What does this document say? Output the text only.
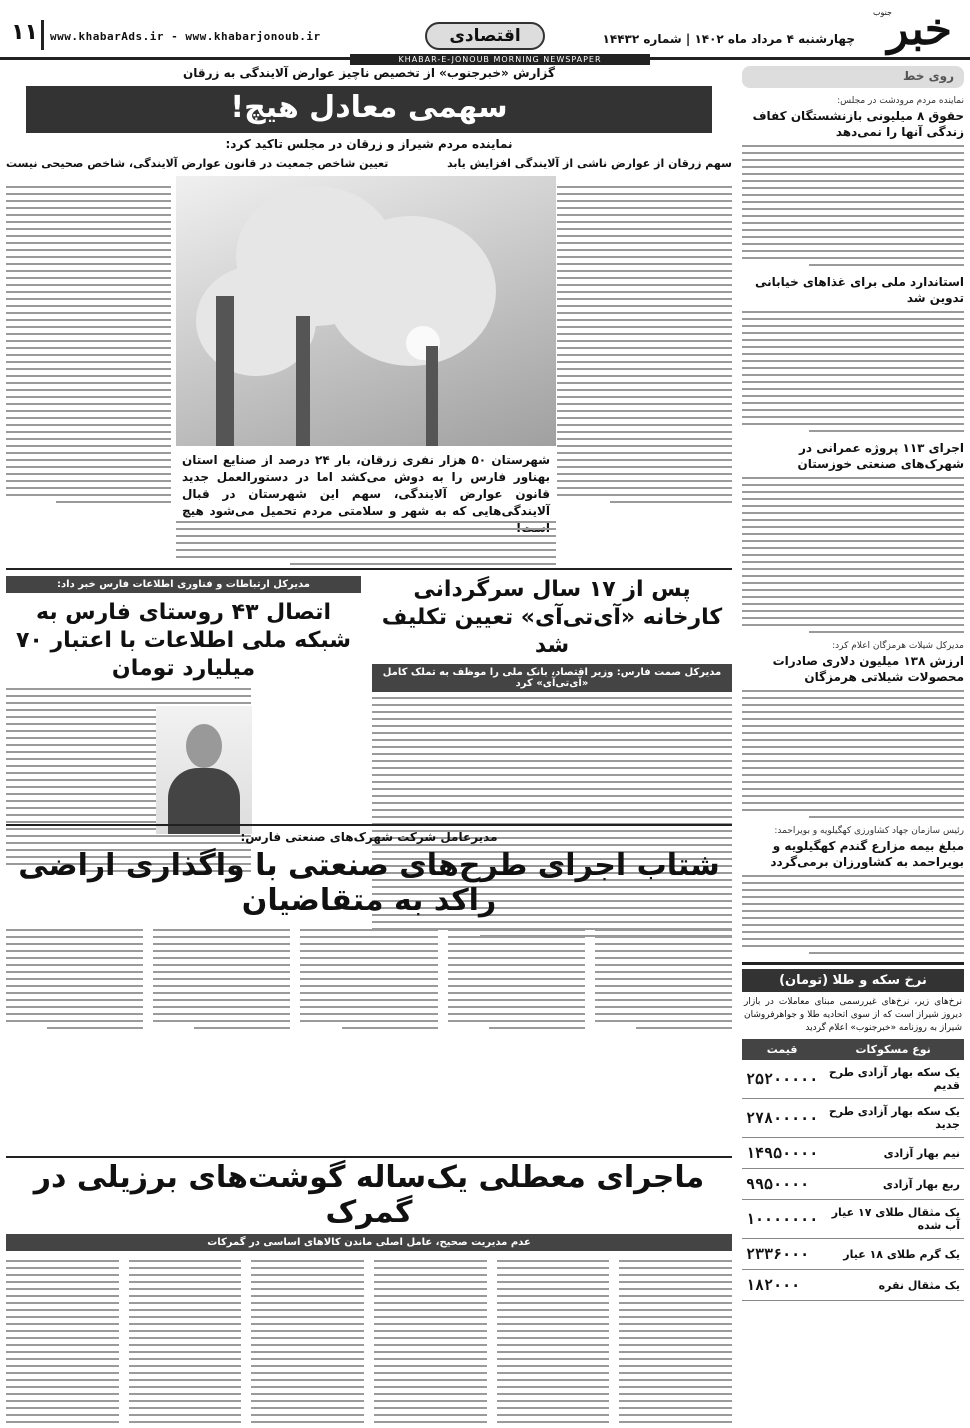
۱۱	www.khabarAds.ir - www.khabarjonoub.ir	اقتصادی	چهارشنبه ۴ مرداد ماه ۱۴۰۲ | شماره ۱۴۴۳۲
KHABAR-E-JONOUB MORNING NEWSPAPER
خبر
جنوب
روی خط
نماینده مردم مرودشت در مجلس:
حقوق ۸ میلیونی بازنشستگان کفاف زندگی آنها را نمی‌دهد
استاندارد ملی برای غذاهای خیابانی تدوین شد
اجرای ۱۱۳ پروژه عمرانی در شهرک‌های صنعتی خوزستان
مدیرکل شیلات هرمزگان اعلام کرد:
ارزش ۱۳۸ میلیون دلاری صادرات محصولات شیلاتی هرمزگان
رئیس سازمان جهاد کشاورزی کهگیلویه و بویراحمد:
مبلغ بیمه مزارع گندم کهگیلویه و بویراحمد به کشاورزان برمی‌گردد
نرخ سکه و طلا (تومان)
نرخ‌های زیر، نرخ‌های غیررسمی مبنای معاملات در بازار دیروز شیراز است که از سوی اتحادیه طلا و جواهرفروشان شیراز به روزنامه «خبرجنوب» اعلام گردید
نوع مسکوکات	قیمت
یک سکه بهار آزادی طرح قدیم	۲۵۲۰۰۰۰۰
یک سکه بهار آزادی طرح جدید	۲۷۸۰۰۰۰۰
نیم بهار آزادی	۱۴۹۵۰۰۰۰
ربع بهار آزادی	۹۹۵۰۰۰۰
یک مثقال طلای ۱۷ عیار آب شده	۱۰۰۰۰۰۰۰
یک گرم طلای ۱۸ عیار	۲۳۳۶۰۰۰
یک مثقال نقره	۱۸۲۰۰۰
گزارش «خبرجنوب» از تخصیص ناچیز عوارض آلایندگی به زرقان
سهمی معادل هیچ!
نماینده مردم شیراز و زرقان در مجلس تاکید کرد:
سهم زرقان از عوارض ناشی از آلایندگی افزایش یابد
تعیین شاخص جمعیت در قانون عوارض آلایندگی، شاخص صحیحی نیست
شهرستان ۵۰ هزار نفری زرقان، بار ۲۴ درصد از صنایع استان بهناور فارس را به دوش می‌کشد اما در دستورالعمل جدید قانون عوارض آلایندگی، سهم این شهرستان در قبال آلایندگی‌هایی که به شهر و سلامتی مردم تحمیل می‌شود هیچ
پس از ۱۷ سال سرگردانی کارخانه «آی‌تی‌آی» تعیین تکلیف شد
مدیرکل صمت فارس: وزیر اقتصاد، بانک ملی را موظف به تملک کامل «آی‌تی‌آی» کرد
مدیرکل ارتباطات و فناوری اطلاعات فارس خبر داد:
اتصال ۴۳ روستای فارس به شبکه ملی اطلاعات با اعتبار ۷۰ میلیارد تومان
مدیرعامل شرکت شهرک‌های صنعتی فارس:
شتاب اجرای طرح‌های صنعتی با واگذاری اراضی راکد به متقاضیان
ماجرای معطلی یک‌ساله گوشت‌های برزیلی در گمرک
عدم مدیریت صحیح، عامل اصلی ماندن کالاهای اساسی در گمرکات
